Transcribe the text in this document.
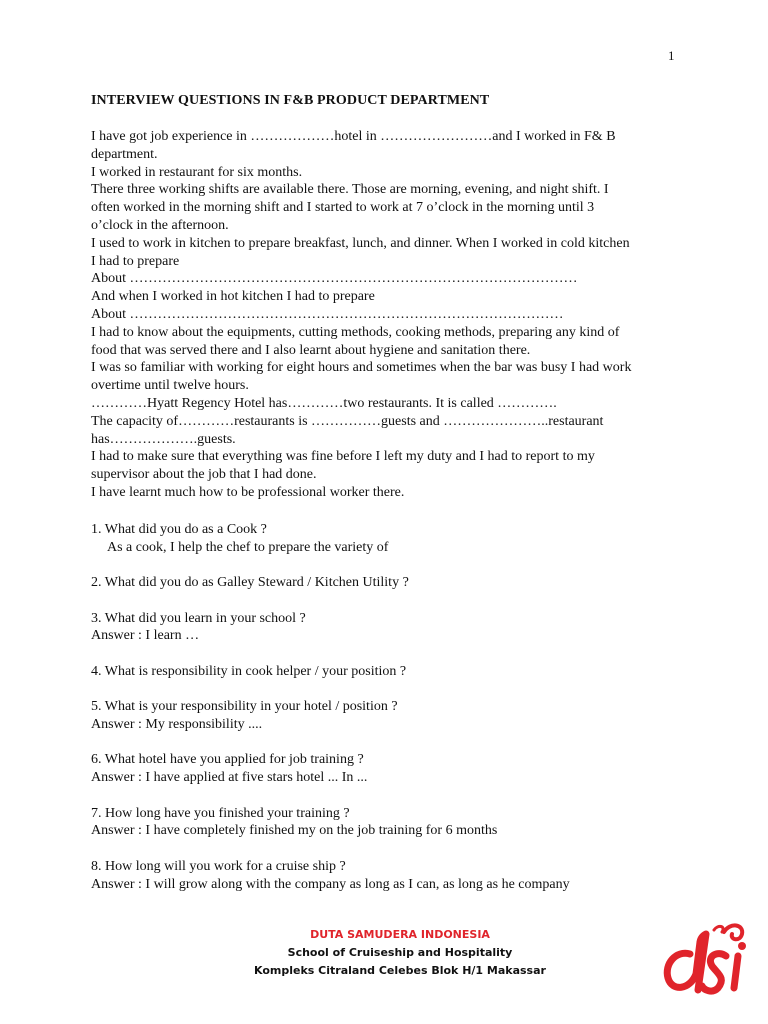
1
INTERVIEW QUESTIONS IN F&B PRODUCT DEPARTMENT
I have got job experience in ………………hotel in ……………………and I worked in F& B
department.
I worked in restaurant for six months.
There three working shifts are available there. Those are morning, evening, and night shift. I
often worked in the morning shift and I started to work at 7 o’clock in the morning until 3
o’clock in the afternoon.
I used to work in kitchen to prepare breakfast, lunch, and dinner. When I worked in cold kitchen
I had to prepare
About ……………………………………………………………………………………
And when I worked in hot kitchen I had to prepare
About …………………………………………………………………………………
I had to know about the equipments, cutting methods, cooking methods, preparing any kind of
food that was served there and I also learnt about hygiene and sanitation there.
I was so familiar with working for eight hours and sometimes when the bar was busy I had work
overtime until twelve hours.
…………Hyatt Regency Hotel has…………two restaurants. It is called ………….
The capacity of…………restaurants is ……………guests and …………………..restaurant
has……………….guests.
I had to make sure that everything was fine before I left my duty and I had to report to my
supervisor about the job that I had done.
I have learnt much how to be professional worker there.
1. What did you do as a Cook ?
As a cook, I help the chef to prepare the variety of
2. What did you do as Galley Steward / Kitchen Utility ?
3. What did you learn in your school ?
Answer : I learn …
4. What is responsibility in cook helper / your position ?
5. What is your responsibility in your hotel / position ?
Answer : My responsibility ....
6. What hotel have you applied for job training ?
Answer : I have applied at five stars hotel ... In ...
7. How long have you finished your training ?
Answer : I have completely finished my on the job training for 6 months
8. How long will you work for a cruise ship ?
Answer : I will grow along with the company as long as I can, as long as he company
DUTA SAMUDERA INDONESIA
School of Cruiseship and Hospitality
Kompleks Citraland Celebes Blok H/1 Makassar
